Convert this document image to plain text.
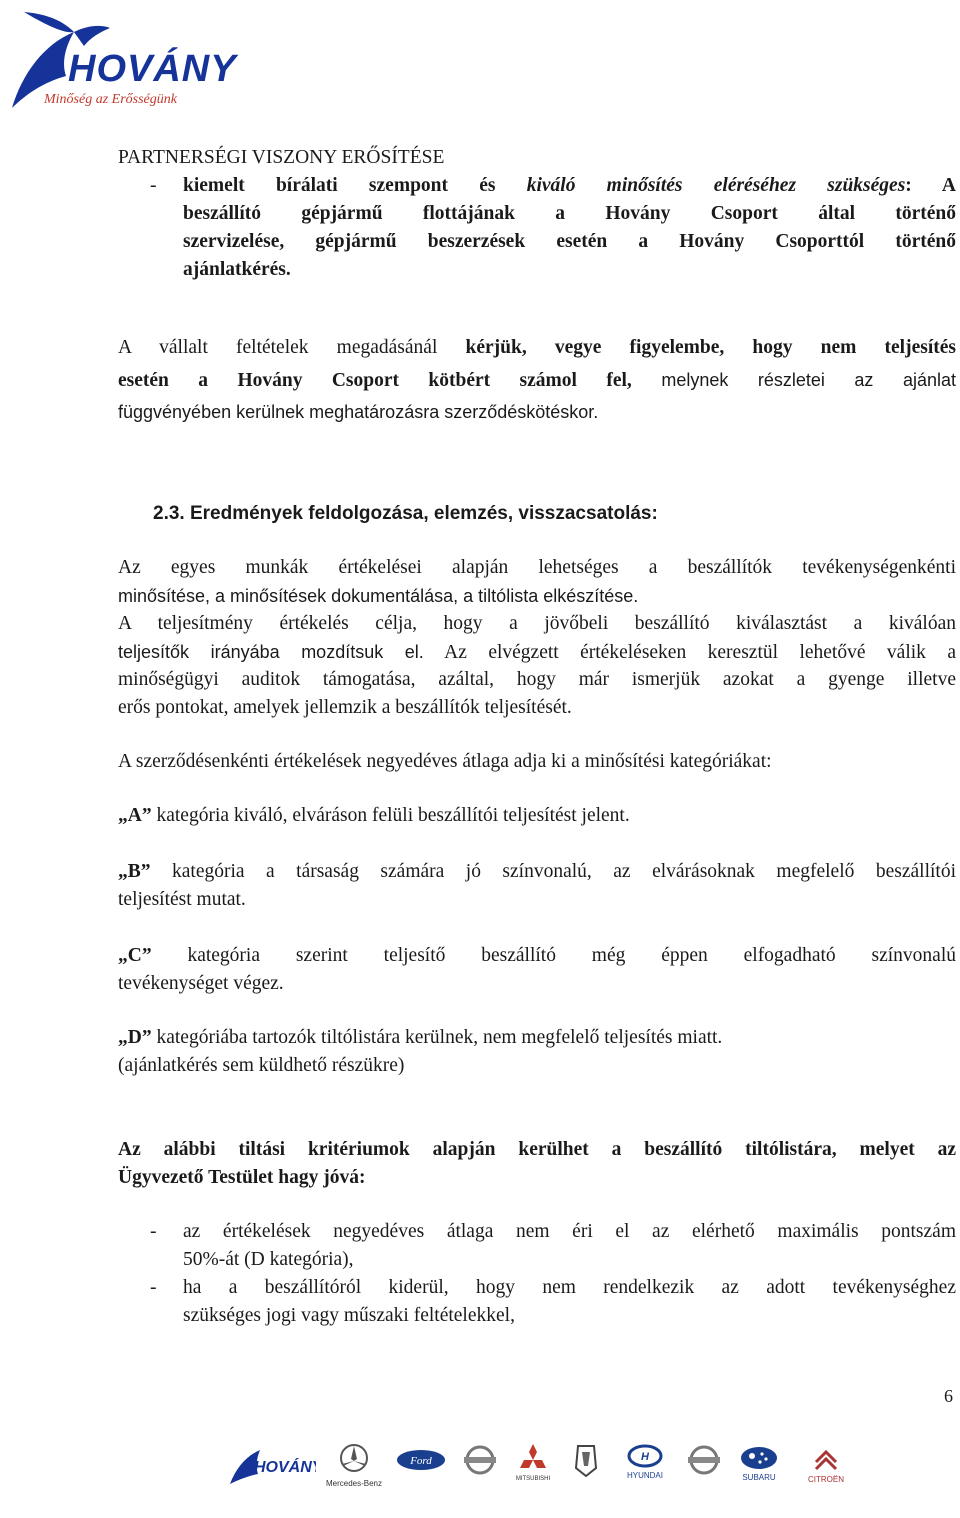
HOVÁNY
Minőség az Erősségünk
PARTNERSÉGI VISZONY ERŐSÍTÉSE
-	kiemelt bírálati szempont és kiváló minősítés eléréséhez szükséges: A
beszállító gépjármű flottájának a Hovány Csoport által történő
szervizelése, gépjármű beszerzések esetén a Hovány Csoporttól történő
ajánlatkérés.
A vállalt feltételek megadásánál kérjük, vegye figyelembe, hogy nem teljesítés
esetén a Hovány Csoport kötbért számol fel, melynek részletei az ajánlat
függvényében kerülnek meghatározásra szerződéskötéskor.
2.3. Eredmények feldolgozása, elemzés, visszacsatolás:
Az egyes munkák értékelései alapján lehetséges a beszállítók tevékenységenkénti
minősítése, a minősítések dokumentálása, a tiltólista elkészítése.
A teljesítmény értékelés célja, hogy a jövőbeli beszállító kiválasztást a kiválóan
teljesítők irányába mozdítsuk el. Az elvégzett értékeléseken keresztül lehetővé válik a
minőségügyi auditok támogatása, azáltal, hogy már ismerjük azokat a gyenge illetve
erős pontokat, amelyek jellemzik a beszállítók teljesítését.
A szerződésenkénti értékelések negyedéves átlaga adja ki a minősítési kategóriákat:
„A” kategória kiváló, elváráson felüli beszállítói teljesítést jelent.
„B” kategória a társaság számára jó színvonalú, az elvárásoknak megfelelő beszállítói
teljesítést mutat.
„C” kategória szerint teljesítő beszállító még éppen elfogadható színvonalú
tevékenységet végez.
„D” kategóriába tartozók tiltólistára kerülnek, nem megfelelő teljesítés miatt.
(ajánlatkérés sem küldhető részükre)
Az alábbi tiltási kritériumok alapján kerülhet a beszállító tiltólistára, melyet az
Ügyvezető Testület hagy jóvá:
-	az értékelések negyedéves átlaga nem éri el az elérhető maximális pontszám
50%-át (D kategória),
-	ha a beszállítóról kiderül, hogy nem rendelkezik az adott tevékenységhez
szükséges jogi vagy műszaki feltételekkel,
6
HOVÁNY
Mercedes-Benz
Ford
MITSUBISHI
H
HYUNDAI	SUBARU	CITROËN
